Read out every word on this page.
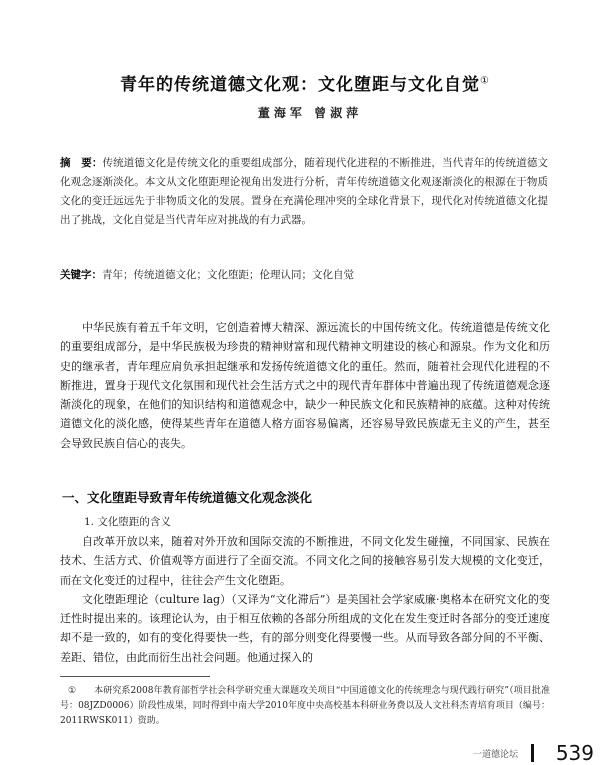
青年的传统道德文化观：文化堕距与文化自觉①
董海军 曾淑萍
摘　要：传统道德文化是传统文化的重要组成部分，随着现代化进程的不断推进，当代青年的传统道德文化观念逐渐淡化。本文从文化堕距理论视角出发进行分析，青年传统道德文化观逐渐淡化的根源在于物质文化的变迁远远先于非物质文化的发展。置身在充满伦理冲突的全球化背景下，现代化对传统道德文化提出了挑战，文化自觉是当代青年应对挑战的有力武器。
关键字：青年；传统道德文化；文化堕距；伦理认同；文化自觉

中华民族有着五千年文明，它创造着博大精深、源远流长的中国传统文化。传统道德是传统文化的重要组成部分，是中华民族极为珍贵的精神财富和现代精神文明建设的核心和源泉。作为文化和历史的继承者，青年理应肩负承担起继承和发扬传统道德文化的重任。然而，随着社会现代化进程的不断推进，置身于现代文化氛围和现代社会生活方式之中的现代青年群体中普遍出现了传统道德观念逐渐淡化的现象，在他们的知识结构和道德观念中，缺少一种民族文化和民族精神的底蕴。这种对传统道德文化的淡化感，使得某些青年在道德人格方面容易偏离，还容易导致民族虚无主义的产生，甚至会导致民族自信心的丧失。

一、文化堕距导致青年传统道德文化观念淡化
1. 文化堕距的含义

自改革开放以来，随着对外开放和国际交流的不断推进，不同文化发生碰撞，不同国家、民族在技术、生活方式、价值观等方面进行了全面交流。不同文化之间的接触容易引发大规模的文化变迁，而在文化变迁的过程中，往往会产生文化堕距。

文化堕距理论（culture lag）（又译为“文化滞后”）是美国社会学家威廉·奥格本在研究文化的变迁性时提出来的。该理论认为，由于相互依赖的各部分所组成的文化在发生变迁时各部分的变迁速度却不是一致的，如有的变化得要快一些，有的部分则变化得要慢一些。从而导致各部分间的不平衡、差距、错位，由此而衍生出社会问题。他通过探入的

① 本研究系2008年教育部哲学社会科学研究重大课题攻关项目“中国道德文化的传统理念与现代践行研究”（项目批准号：08JZD0006）阶段性成果，同时得到中南大学2010年度中央高校基本科研业务费以及人文社科杰青培育项目（编号：2011RWSK011）资助。
一道德论坛 539
